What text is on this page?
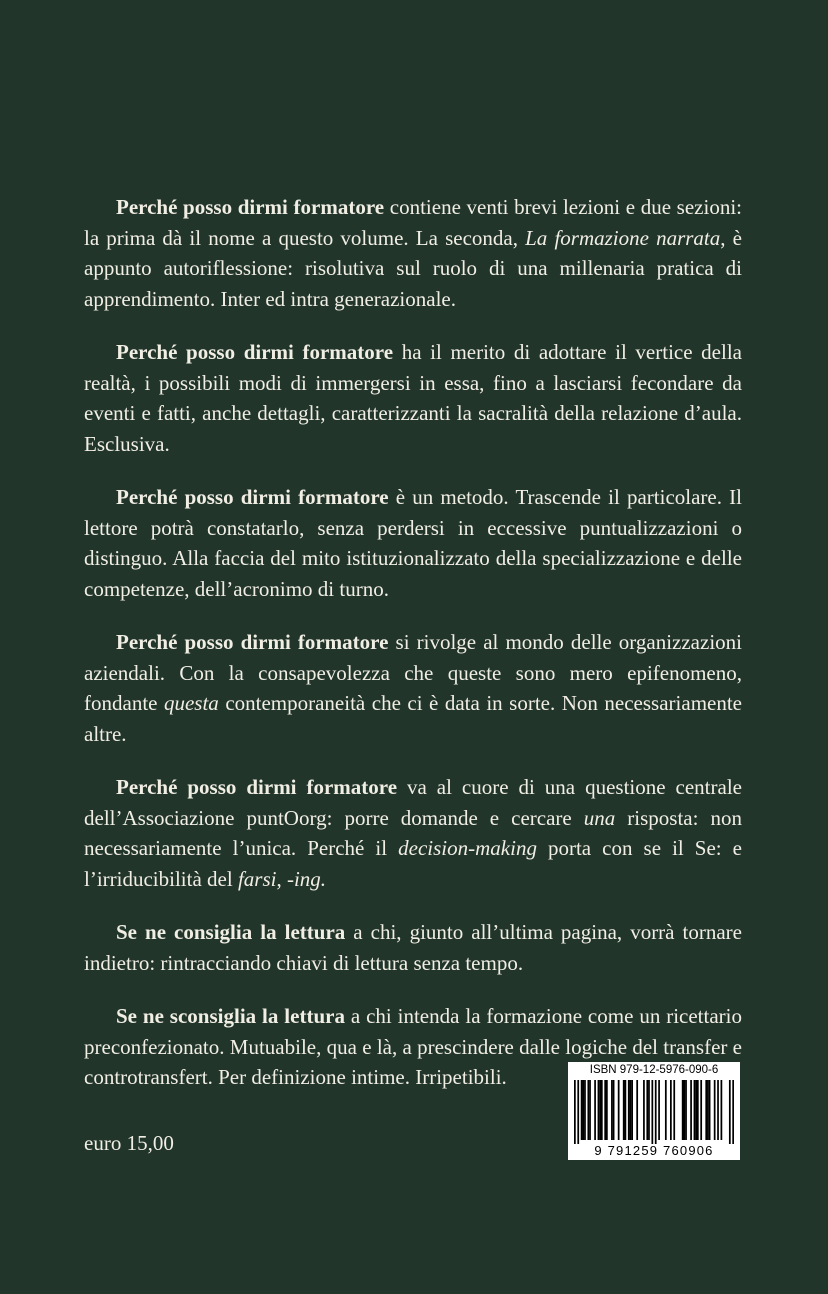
Perché posso dirmi formatore contiene venti brevi lezioni e due sezioni: la prima dà il nome a questo volume. La seconda, La formazione narrata, è appunto autoriflessione: risolutiva sul ruolo di una millenaria pratica di apprendimento. Inter ed intra generazionale.

Perché posso dirmi formatore ha il merito di adottare il vertice della realtà, i possibili modi di immergersi in essa, fino a lasciarsi fecondare da eventi e fatti, anche dettagli, caratterizzanti la sacralità della relazione d’aula. Esclusiva.

Perché posso dirmi formatore è un metodo. Trascende il particolare. Il lettore potrà constatarlo, senza perdersi in eccessive puntualizzazioni o distinguo. Alla faccia del mito istituzionalizzato della specializzazione e delle competenze, dell’acronimo di turno.

Perché posso dirmi formatore si rivolge al mondo delle organizzazioni aziendali. Con la consapevolezza che queste sono mero epifenomeno, fondante questa contemporaneità che ci è data in sorte. Non necessariamente altre.

Perché posso dirmi formatore va al cuore di una questione centrale dell’Associazione puntOorg: porre domande e cercare una risposta: non necessariamente l’unica. Perché il decision-making porta con se il Se: e l’irriducibilità del farsi, -ing.

Se ne consiglia la lettura a chi, giunto all’ultima pagina, vorrà tornare indietro: rintracciando chiavi di lettura senza tempo.

Se ne sconsiglia la lettura a chi intenda la formazione come un ricettario preconfezionato. Mutuabile, qua e là, a prescindere dalle logiche del transfer e controtransfert. Per definizione intime. Irripetibili.

euro 15,00
ISBN 979-12-5976-090-6
9 791259 760906
